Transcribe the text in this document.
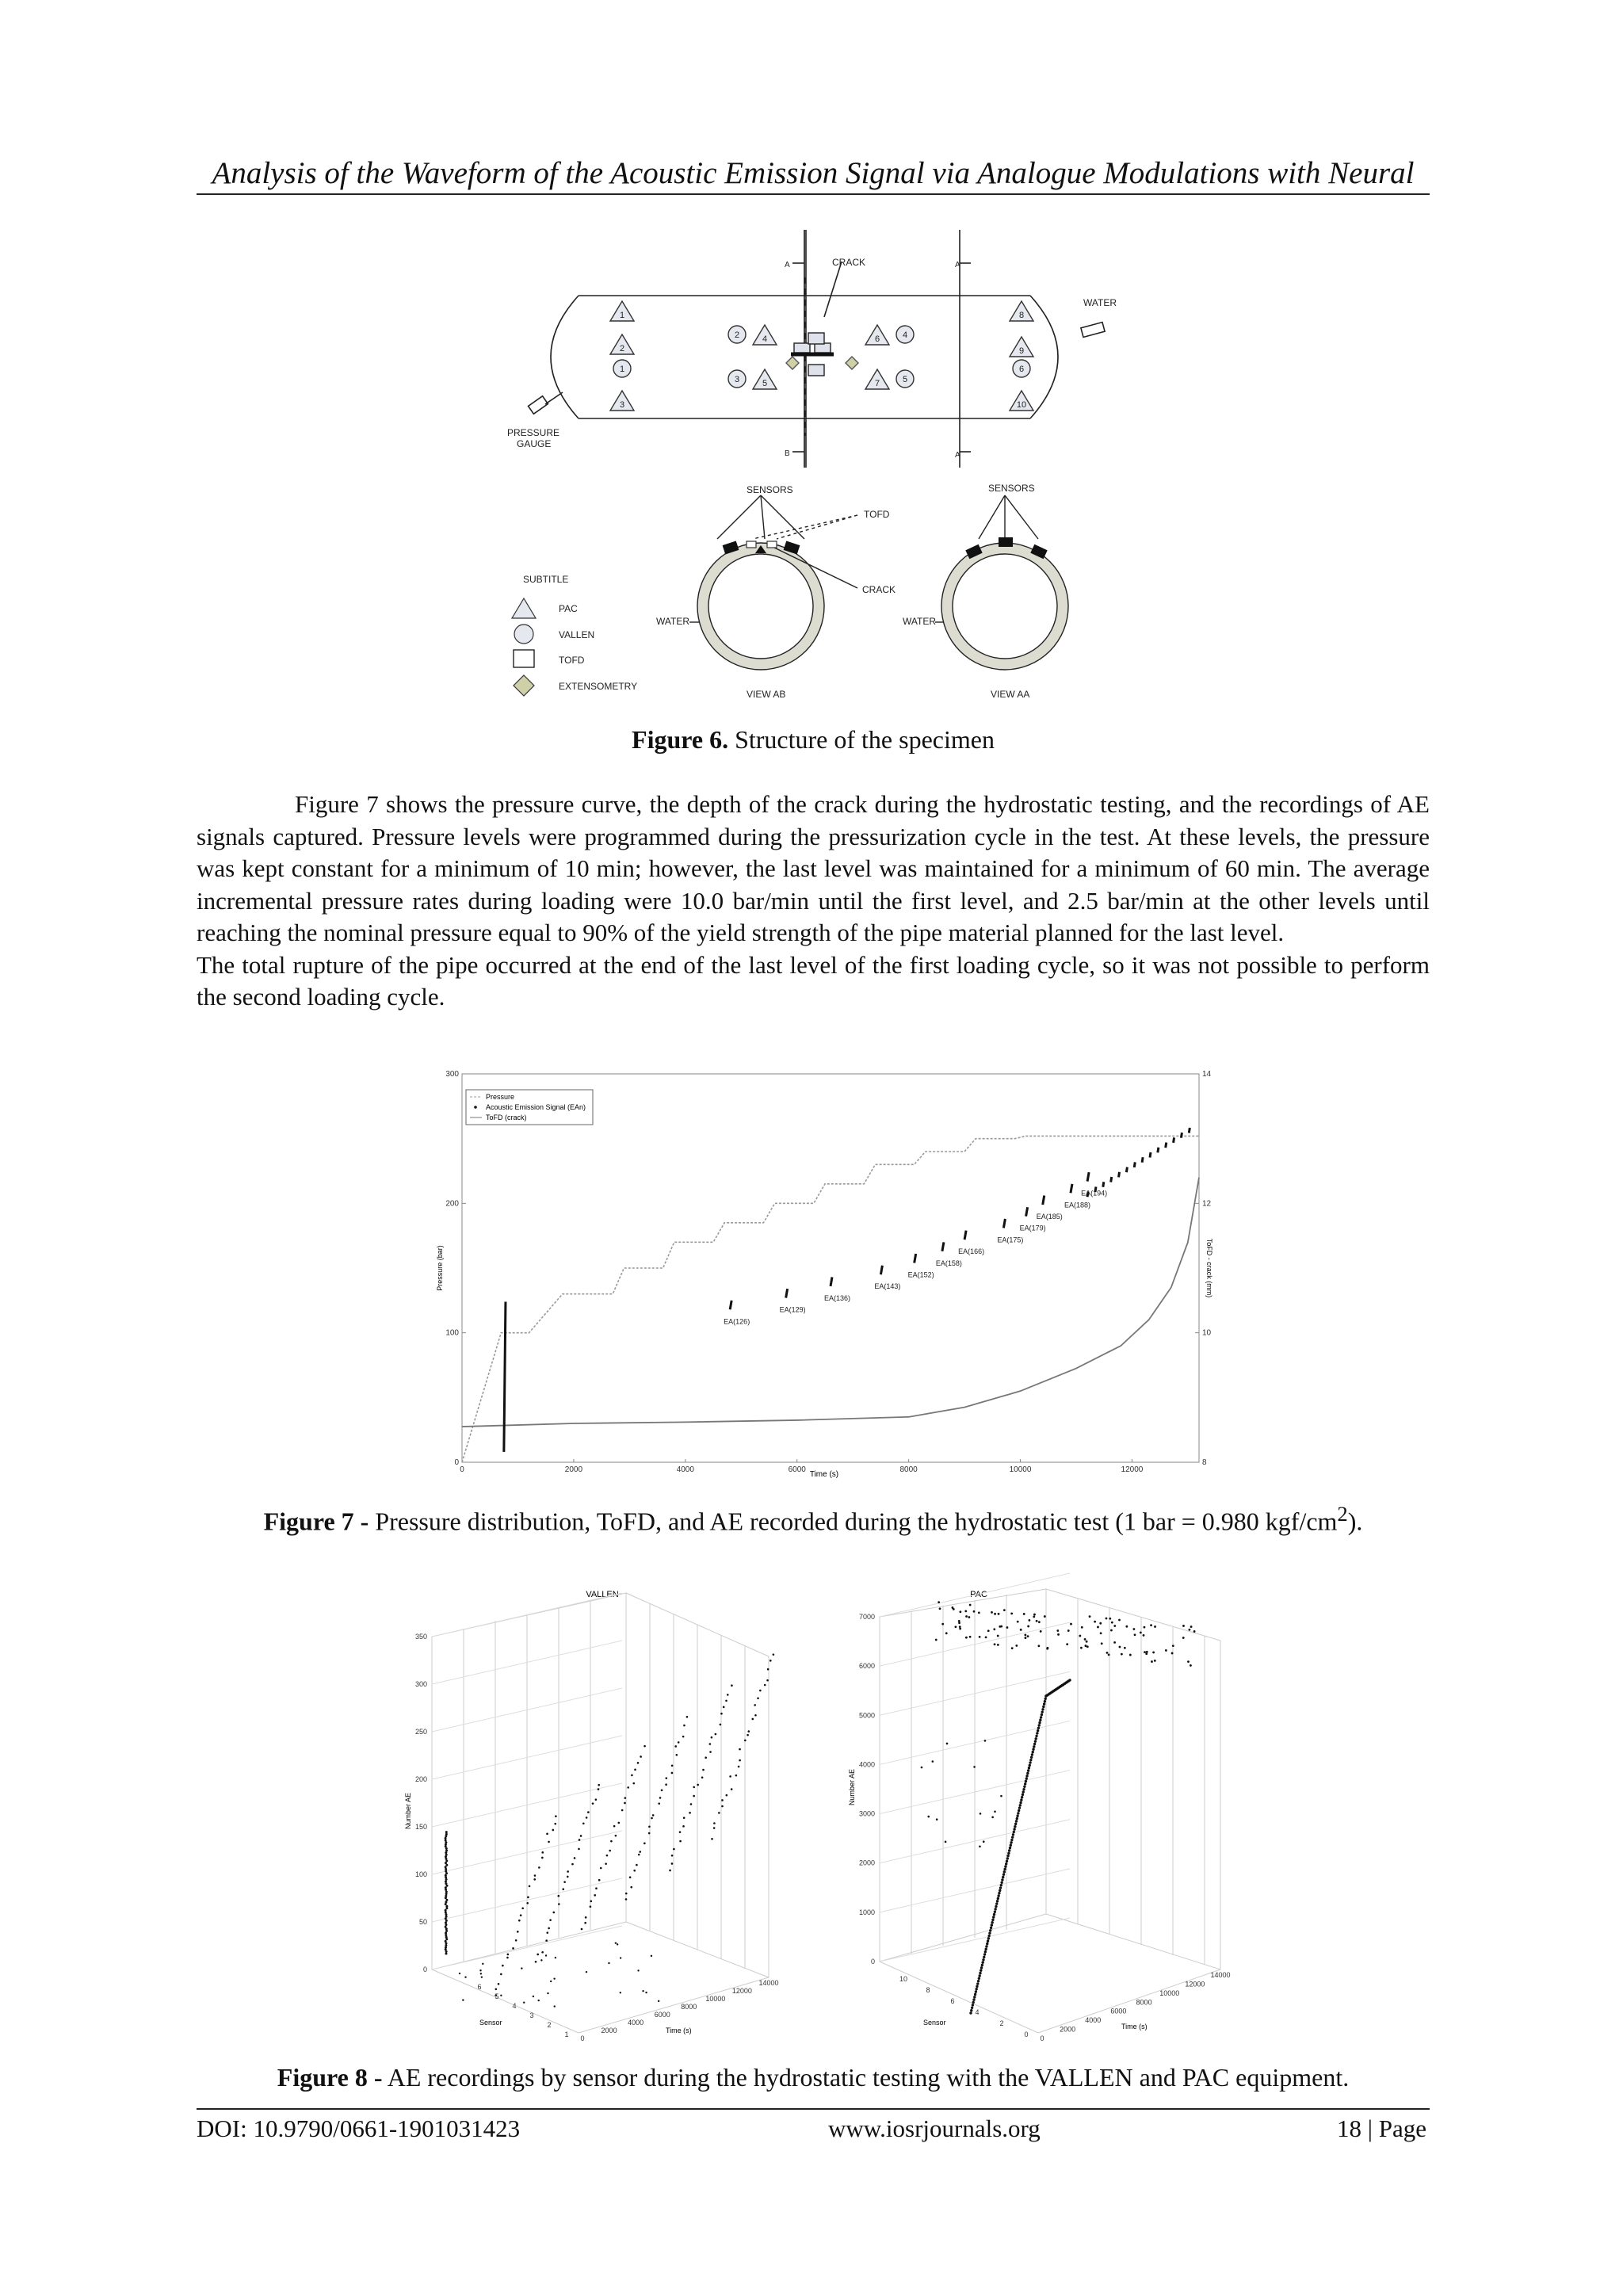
Analysis of the Waveform of the Acoustic Emission Signal via Analogue Modulations with Neural
1
2
1
3
2	4
3	5
6	4
7	5
8
9
6
10
CRACK
WATER
PRESSURE
GAUGE
A	A
B	A
SENSORS	SENSORS
TOFD
CRACK
WATER	WATER
VIEW AB	VIEW AA
SUBTITLE
PAC
VALLEN
TOFD
EXTENSOMETRY
Figure 6. Structure of the specimen

Figure 7 shows the pressure curve, the depth of the crack during the hydrostatic testing, and the recordings of AE signals captured. Pressure levels were programmed during the pressurization cycle in the test. At these levels, the pressure was kept constant for a minimum of 10 min; however, the last level was maintained for a minimum of 60 min. The average incremental pressure rates during loading were 10.0 bar/min until the first level, and 2.5 bar/min at the other levels until reaching the nominal pressure equal to 90% of the yield strength of the pipe material planned for the last level.

The total rupture of the pipe occurred at the end of the last level of the first loading cycle, so it was not possible to perform the second loading cycle.

0	2000	4000	6000	8000	10000	12000
0
100
200
300
8
10
12
14
EA(126)
EA(129)
EA(136)
EA(143)
EA(152)
EA(158)
EA(166)
EA(175)
EA(179)
EA(185)
EA(188)
EA(194)
Pressure
Acoustic Emission Signal (EAn)
ToFD (crack)
Time (s)
Pressure (bar)	ToFD - crack (mm)
Figure 7 - Pressure distribution, ToFD, and AE recorded during the hydrostatic test (1 bar = 0.980 kgf/$cm^2$).
VALLEN
0
50
100
150
200
250
300
350
0
2000
4000
6000
8000
10000
12000
14000
1
2
3
4
5
6
Number AE
Sensor
Time (s)
PAC
0
1000
2000
3000
4000
5000
6000
7000
0
2000
4000
6000
8000
10000
12000
14000
0
2
4
6
8
10
Number AE
Sensor	Time (s)
Figure 8 - AE recordings by sensor during the hydrostatic testing with the VALLEN and PAC equipment.
DOI: 10.9790/0661-1901031423	www.iosrjournals.org	18 | Page
